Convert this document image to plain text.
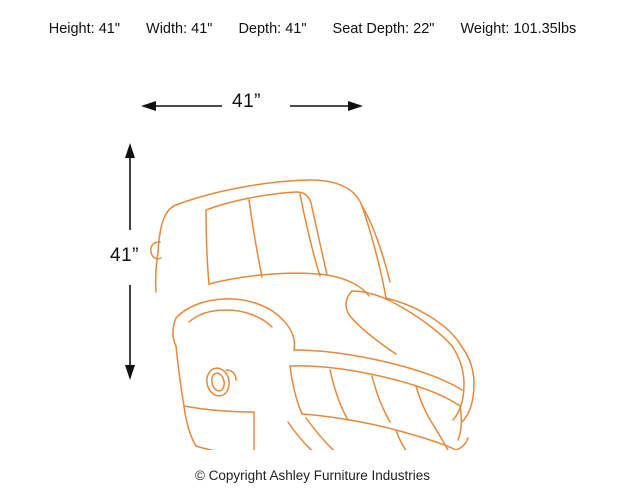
Height: 41" Width: 41" Depth: 41" Seat Depth: 22" Weight: 101.35lbs
41”
41”
© Copyright Ashley Furniture Industries
